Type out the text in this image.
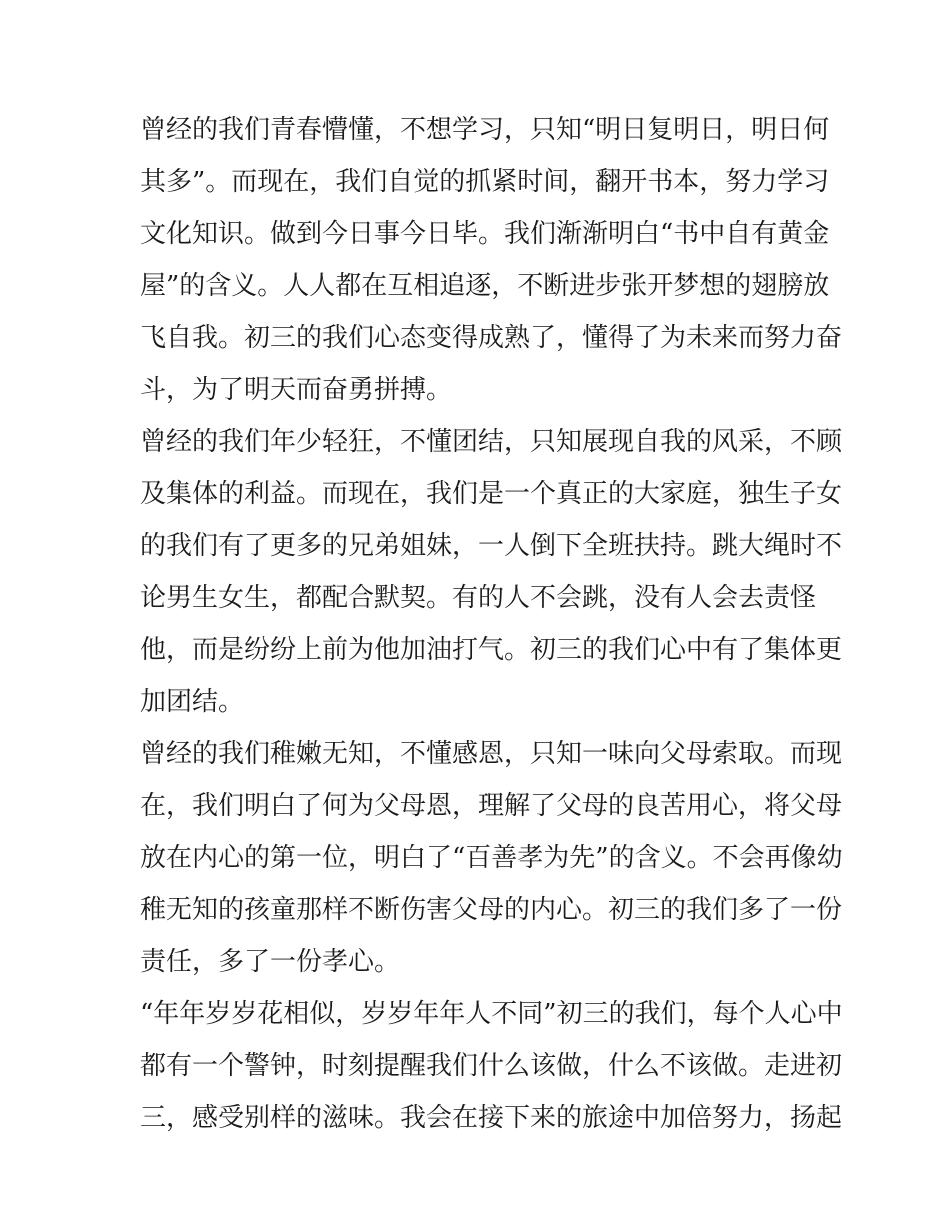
曾经的我们青春懵懂，不想学习，只知“明日复明日，明日何
其多”。而现在，我们自觉的抓紧时间，翻开书本，努力学习
文化知识。做到今日事今日毕。我们渐渐明白“书中自有黄金
屋”的含义。人人都在互相追逐，不断进步张开梦想的翅膀放
飞自我。初三的我们心态变得成熟了，懂得了为未来而努力奋
斗，为了明天而奋勇拼搏。
曾经的我们年少轻狂，不懂团结，只知展现自我的风采，不顾
及集体的利益。而现在，我们是一个真正的大家庭，独生子女
的我们有了更多的兄弟姐妹，一人倒下全班扶持。跳大绳时不
论男生女生，都配合默契。有的人不会跳，没有人会去责怪
他，而是纷纷上前为他加油打气。初三的我们心中有了集体更
加团结。
曾经的我们稚嫩无知，不懂感恩，只知一味向父母索取。而现
在，我们明白了何为父母恩，理解了父母的良苦用心，将父母
放在内心的第一位，明白了“百善孝为先”的含义。不会再像幼
稚无知的孩童那样不断伤害父母的内心。初三的我们多了一份
责任，多了一份孝心。
“年年岁岁花相似，岁岁年年人不同”初三的我们，每个人心中
都有一个警钟，时刻提醒我们什么该做，什么不该做。走进初
三，感受别样的滋味。我会在接下来的旅途中加倍努力，扬起
